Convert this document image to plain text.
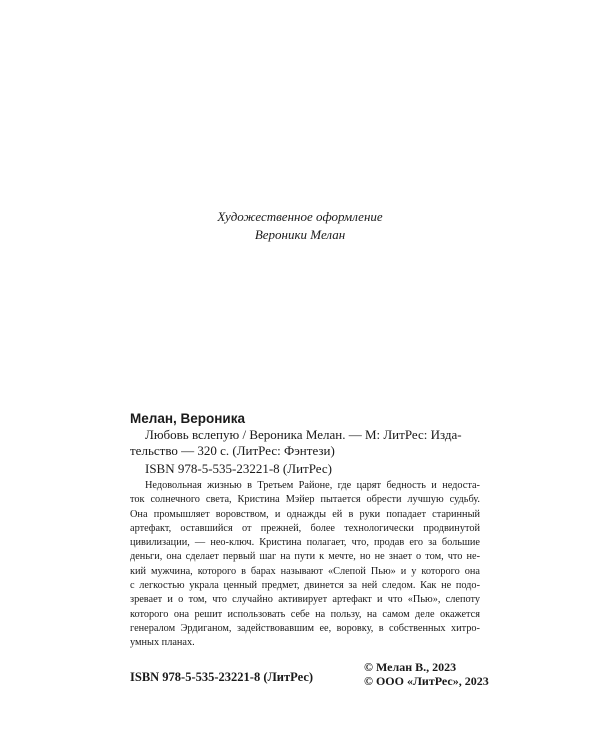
Художественное оформление
Вероники Мелан
Мелан, Вероника
Любовь вслепую / Вероника Мелан. — М: ЛитРес: Изда-
тельство — 320 с. (ЛитРес: Фэнтези)
ISBN 978-5-535-23221-8 (ЛитРес)
Недовольная жизнью в Третьем Районе, где царят бедность и недоста-
ток солнечного света, Кристина Мэйер пытается обрести лучшую судьбу.
Она промышляет воровством, и однажды ей в руки попадает старинный
артефакт, оставшийся от прежней, более технологически продвинутой
цивилизации, — нео-ключ. Кристина полагает, что, продав его за большие
деньги, она сделает первый шаг на пути к мечте, но не знает о том, что не-
кий мужчина, которого в барах называют «Слепой Пью» и у которого она
с легкостью украла ценный предмет, двинется за ней следом. Как не подо-
зревает и о том, что случайно активирует артефакт и что «Пью», слепоту
которого она решит использовать себе на пользу, на самом деле окажется
генералом Эрдиганом, задействовавшим ее, воровку, в собственных хитро-
умных планах.
ISBN 978-5-535-23221-8 (ЛитРес)
© Мелан В., 2023
© ООО «ЛитРес», 2023
